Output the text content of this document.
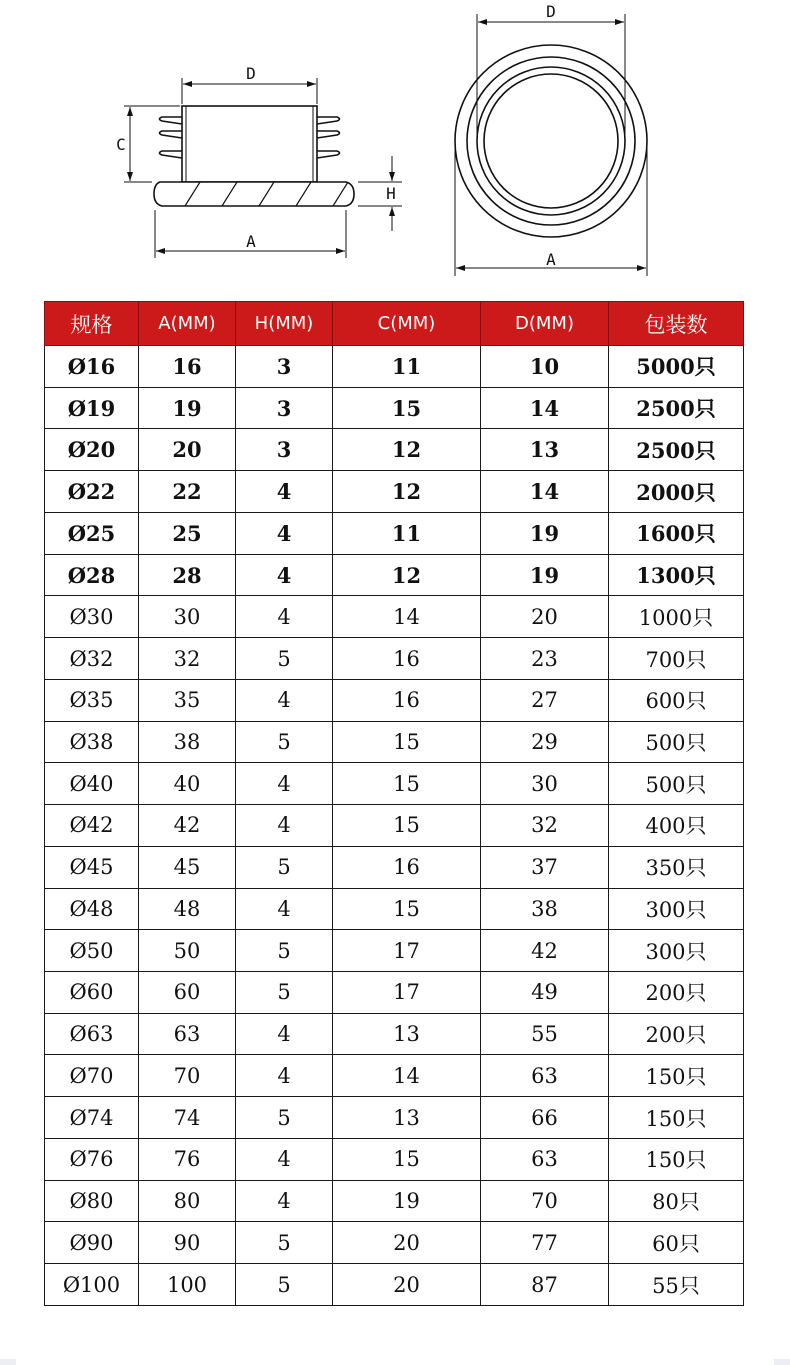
D
C
A
H
D
A
规格	A(MM)	H(MM)	C(MM)	D(MM)	包装数
Ø16	16	3	11	10	5000只
Ø19	19	3	15	14	2500只
Ø20	20	3	12	13	2500只
Ø22	22	4	12	14	2000只
Ø25	25	4	11	19	1600只
Ø28	28	4	12	19	1300只
Ø30	30	4	14	20	1000只
Ø32	32	5	16	23	700只
Ø35	35	4	16	27	600只
Ø38	38	5	15	29	500只
Ø40	40	4	15	30	500只
Ø42	42	4	15	32	400只
Ø45	45	5	16	37	350只
Ø48	48	4	15	38	300只
Ø50	50	5	17	42	300只
Ø60	60	5	17	49	200只
Ø63	63	4	13	55	200只
Ø70	70	4	14	63	150只
Ø74	74	5	13	66	150只
Ø76	76	4	15	63	150只
Ø80	80	4	19	70	80只
Ø90	90	5	20	77	60只
Ø100	100	5	20	87	55只
